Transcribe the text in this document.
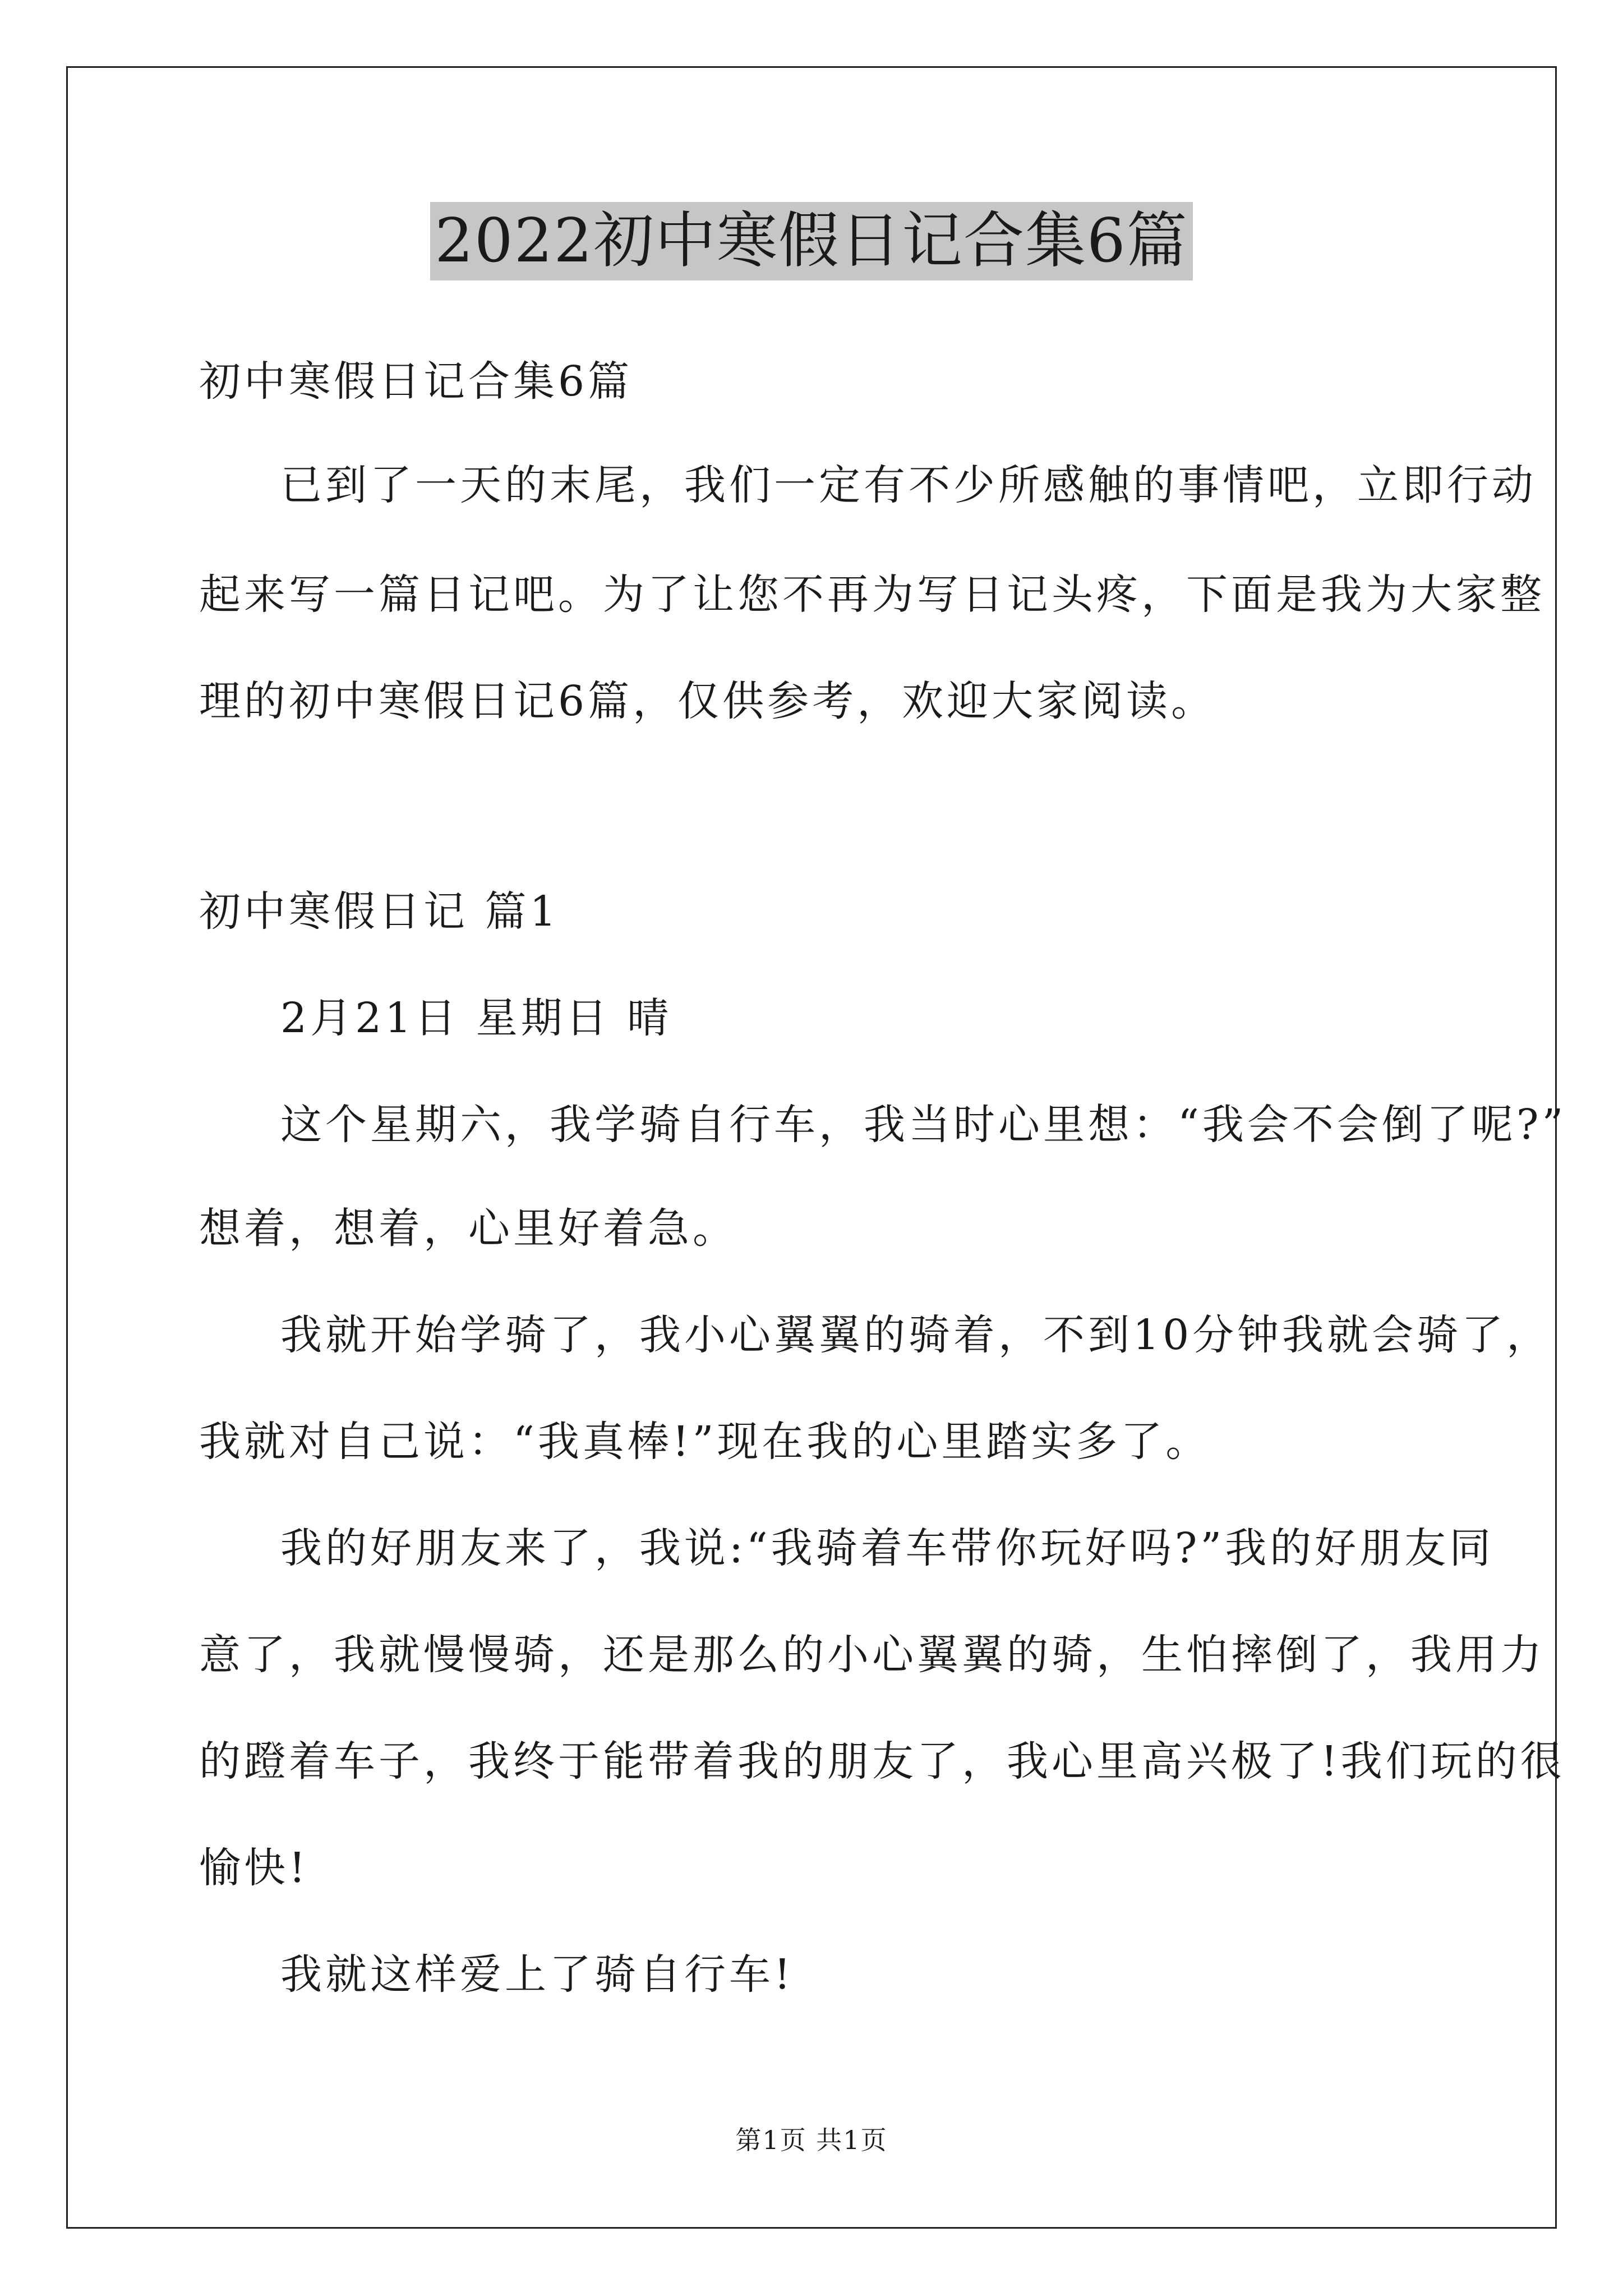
2022初中寒假日记合集6篇
初中寒假日记合集6篇
已到了一天的末尾，我们一定有不少所感触的事情吧，立即行动
起来写一篇日记吧。为了让您不再为写日记头疼，下面是我为大家整
理的初中寒假日记6篇，仅供参考，欢迎大家阅读。
初中寒假日记 篇1
2月21日 星期日 晴
这个星期六，我学骑自行车，我当时心里想：“我会不会倒了呢?”
想着，想着，心里好着急。
我就开始学骑了，我小心翼翼的骑着，不到10分钟我就会骑了，
我就对自己说：“我真棒!”现在我的心里踏实多了。
我的好朋友来了，我说:“我骑着车带你玩好吗?”我的好朋友同
意了，我就慢慢骑，还是那么的小心翼翼的骑，生怕摔倒了，我用力
的蹬着车子，我终于能带着我的朋友了，我心里高兴极了!我们玩的很
愉快!
我就这样爱上了骑自行车!
第1页 共1页
